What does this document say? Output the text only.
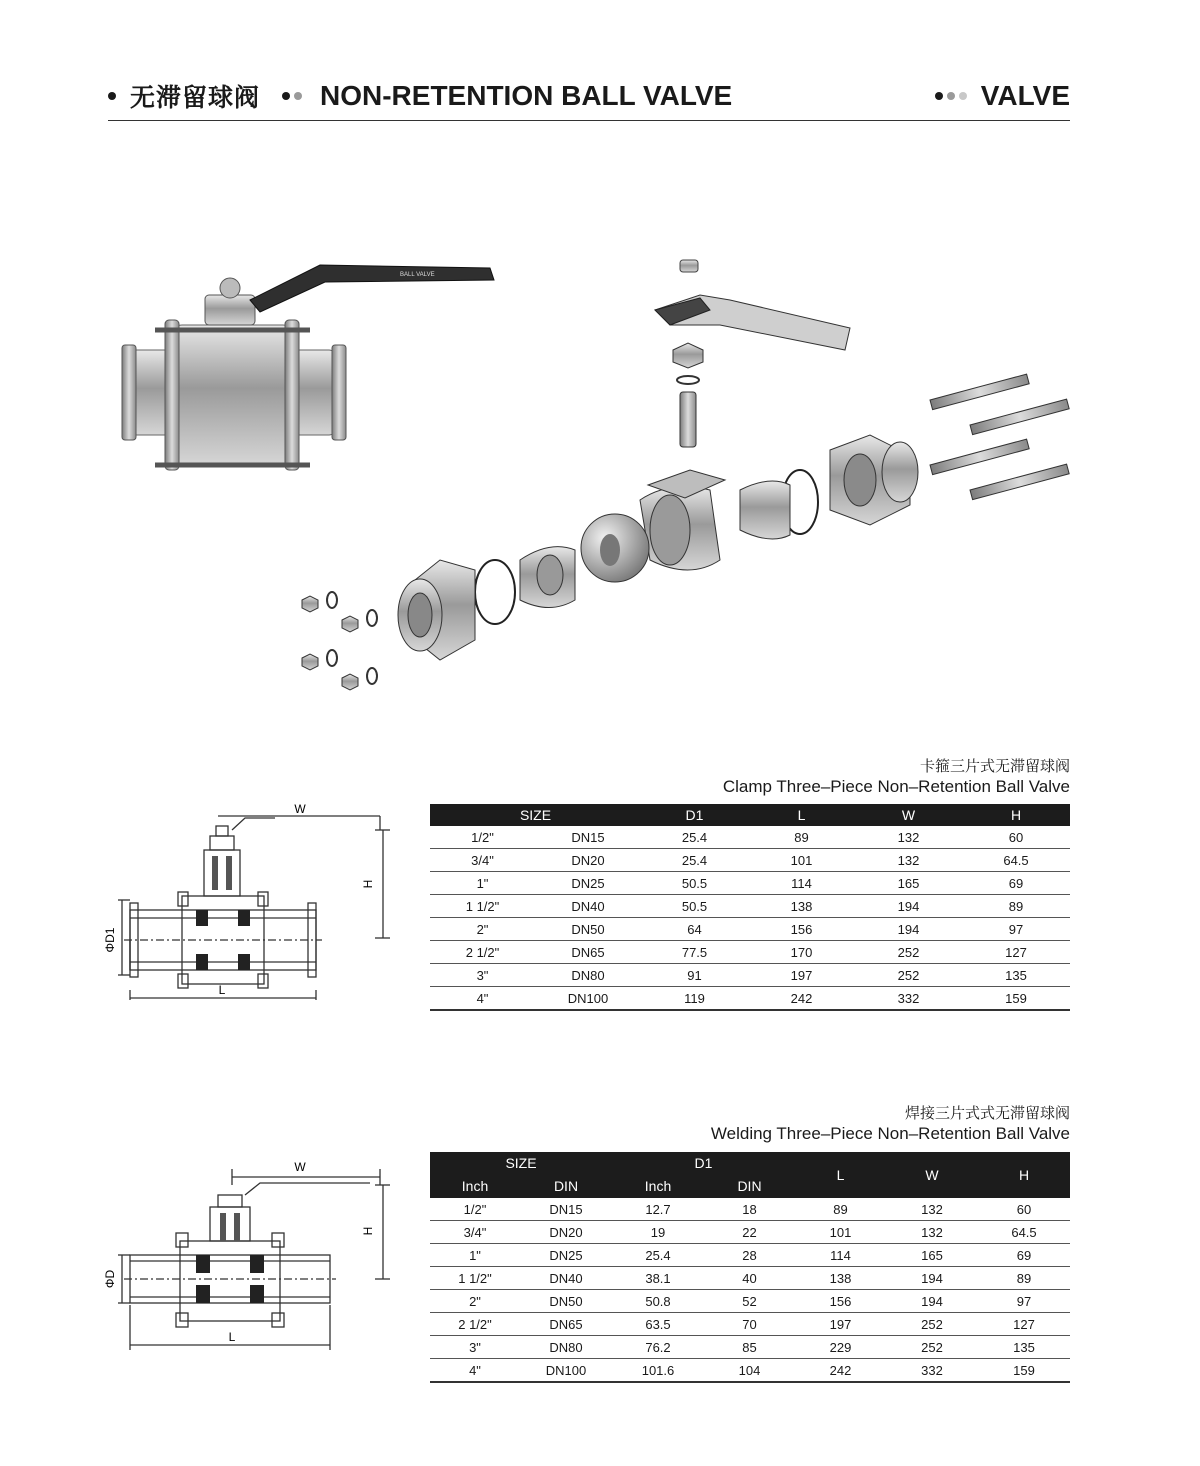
无滞留球阀 NON-RETENTION BALL VALVE	VALVE
BALL VALVE
卡箍三片式无滞留球阀
Clamp Three–Piece Non–Retention Ball Valve
W
H
ΦD1
L
SIZE		D1	L	W	H
1/2"	DN15	25.4	89	132	60
3/4"	DN20	25.4	101	132	64.5
1"	DN25	50.5	114	165	69
1 1/2"	DN40	50.5	138	194	89
2"	DN50	64	156	194	97
2 1/2"	DN65	77.5	170	252	127
3"	DN80	91	197	252	135
4"	DN100	119	242	332	159
焊接三片式式无滞留球阀
Welding Three–Piece Non–Retention Ball Valve
W
H
ΦD
L
SIZE		D1		L	W	H
Inch	DIN	Inch	DIN			
1/2"	DN15	12.7	18	89	132	60
3/4"	DN20	19	22	101	132	64.5
1"	DN25	25.4	28	114	165	69
1 1/2"	DN40	38.1	40	138	194	89
2"	DN50	50.8	52	156	194	97
2 1/2"	DN65	63.5	70	197	252	127
3"	DN80	76.2	85	229	252	135
4"	DN100	101.6	104	242	332	159
